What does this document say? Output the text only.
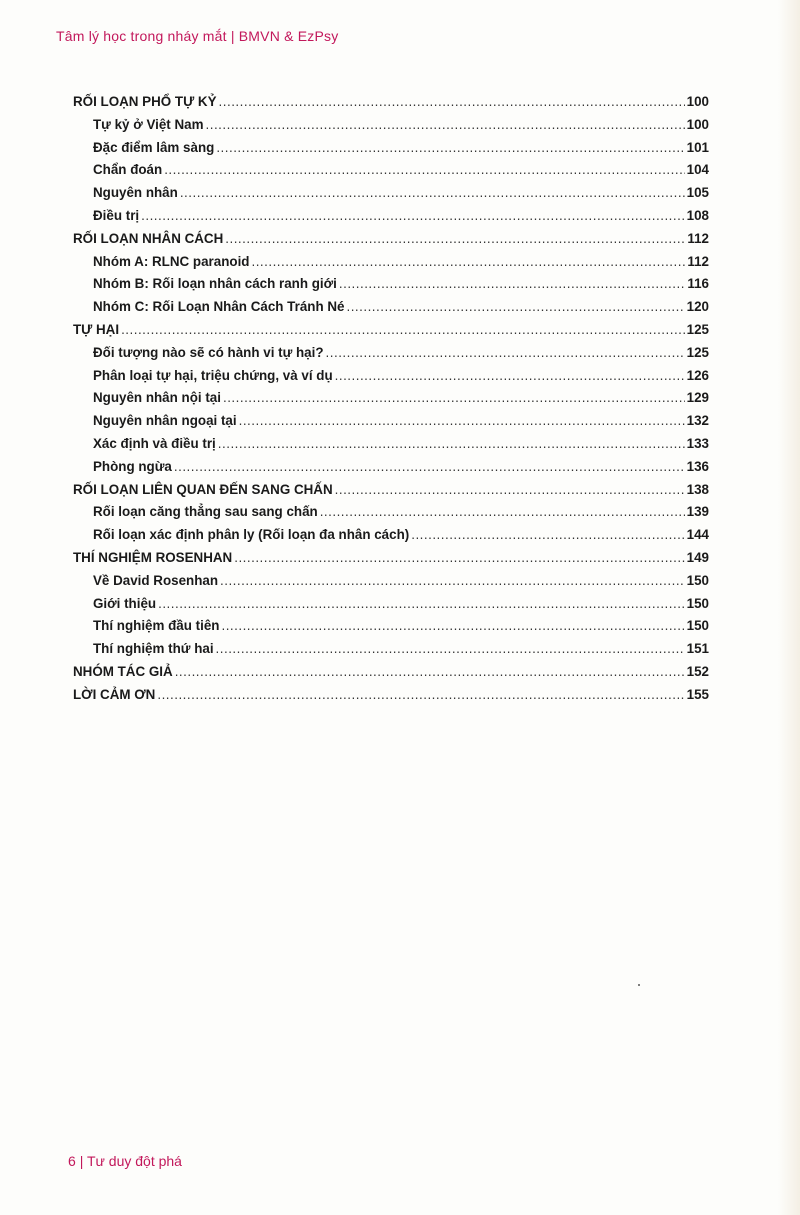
Tâm lý học trong nháy mắt | BMVN & EzPsy
RỐI LOẠN PHỔ TỰ KỶ .....	100
Tự kỷ ở Việt Nam .....	100
Đặc điểm lâm sàng .....	101
Chẩn đoán .....	104
Nguyên nhân .....	105
Điều trị .....	108
RỐI LOẠN NHÂN CÁCH .....	112
Nhóm A: RLNC paranoid .....	112
Nhóm B: Rối loạn nhân cách ranh giới .....	116
Nhóm C: Rối Loạn Nhân Cách Tránh Né .....	120
TỰ HẠI .....	125
Đối tượng nào sẽ có hành vi tự hại? .....	125
Phân loại tự hại, triệu chứng, và ví dụ .....	126
Nguyên nhân nội tại .....	129
Nguyên nhân ngoại tại .....	132
Xác định và điều trị .....	133
Phòng ngừa .....	136
RỐI LOẠN LIÊN QUAN ĐẾN SANG CHẤN .....	138
Rối loạn căng thẳng sau sang chấn .....	139
Rối loạn xác định phân ly (Rối loạn đa nhân cách) .....	144
THÍ NGHIỆM ROSENHAN .....	149
Về David Rosenhan .....	150
Giới thiệu .....	150
Thí nghiệm đầu tiên .....	150
Thí nghiệm thứ hai .....	151
NHÓM TÁC GIẢ .....	152
LỜI CẢM ƠN .....	155
6 | Tư duy đột phá
